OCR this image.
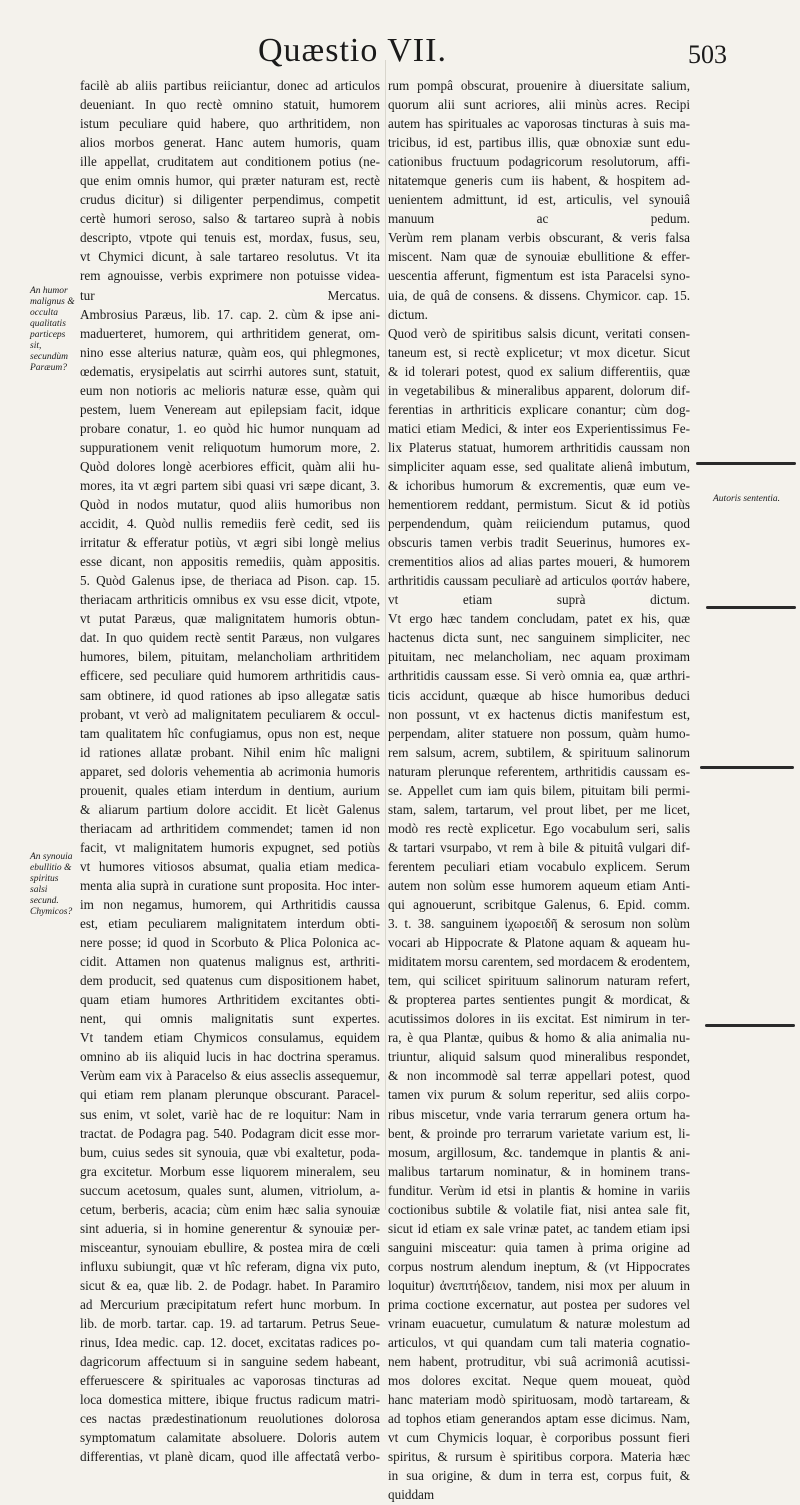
Quæstio VII.	503

facilè ab aliis partibus reiiciantur, donec ad articulos

deueniant. In quo rectè omnino statuit, humorem

istum peculiare quid habere, quo arthritidem, non

alios morbos generat. Hanc autem humoris, quam

ille appellat, cruditatem aut conditionem potius (ne-

que enim omnis humor, qui præter naturam est, rectè

crudus dicitur) si diligenter perpendimus, competit

certè humori seroso, salso & tartareo suprà à nobis

descripto, vtpote qui tenuis est, mordax, fusus, seu,

vt Chymici dicunt, à sale tartareo resolutus. Vt ita

rem agnouisse, verbis exprimere non potuisse videa-

tur Mercatus.

Ambrosius Paræus, lib. 17. cap. 2. cùm & ipse ani-

maduerteret, humorem, qui arthritidem generat, om-

nino esse alterius naturæ, quàm eos, qui phlegmones,

œdematis, erysipelatis aut scirrhi autores sunt, statuit,

eum non notioris ac melioris naturæ esse, quàm qui

pestem, luem Veneream aut epilepsiam facit, idque

probare conatur, 1. eo quòd hic humor nunquam ad

suppurationem venit reliquotum humorum more, 2.

Quòd dolores longè acerbiores efficit, quàm alii hu-

mores, ita vt ægri partem sibi quasi vri sæpe dicant, 3.

Quòd in nodos mutatur, quod aliis humoribus non

accidit, 4. Quòd nullis remediis ferè cedit, sed iis

irritatur & efferatur potiùs, vt ægri sibi longè melius

esse dicant, non appositis remediis, quàm appositis.

5. Quòd Galenus ipse, de theriaca ad Pison. cap. 15.

theriacam arthriticis omnibus ex vsu esse dicit, vtpote,

vt putat Paræus, quæ malignitatem humoris obtun-

dat. In quo quidem rectè sentit Paræus, non vulgares

humores, bilem, pituitam, melancholiam arthritidem

efficere, sed peculiare quid humorem arthritidis caus-

sam obtinere, id quod rationes ab ipso allegatæ satis

probant, vt verò ad malignitatem peculiarem & occul-

tam qualitatem hîc confugiamus, opus non est, neque

id rationes allatæ probant. Nihil enim hîc maligni

apparet, sed doloris vehementia ab acrimonia humoris

prouenit, quales etiam interdum in dentium, aurium

& aliarum partium dolore accidit. Et licèt Galenus

theriacam ad arthritidem commendet; tamen id non

facit, vt malignitatem humoris expugnet, sed potiùs

vt humores vitiosos absumat, qualia etiam medica-

menta alia suprà in curatione sunt proposita. Hoc inter-

im non negamus, humorem, qui Arthritidis caussa

est, etiam peculiarem malignitatem interdum obti-

nere posse; id quod in Scorbuto & Plica Polonica ac-

cidit. Attamen non quatenus malignus est, arthriti-

dem producit, sed quatenus cum dispositionem habet,

quam etiam humores Arthritidem excitantes obti-

nent, qui omnis malignitatis sunt expertes.

Vt tandem etiam Chymicos consulamus, equidem

omnino ab iis aliquid lucis in hac doctrina speramus.

Verùm eam vix à Paracelso & eius asseclis assequemur,

qui etiam rem planam plerunque obscurant. Paracel-

sus enim, vt solet, variè hac de re loquitur: Nam in

tractat. de Podagra pag. 540. Podagram dicit esse mor-

bum, cuius sedes sit synouia, quæ vbi exaltetur, poda-

gra excitetur. Morbum esse liquorem mineralem, seu

succum acetosum, quales sunt, alumen, vitriolum, a-

cetum, berberis, acacia; cùm enim hæc salia synouiæ

sint adueria, si in homine generentur & synouiæ per-

misceantur, synouiam ebullire, & postea mira de cœli

influxu subiungit, quæ vt hîc referam, digna vix puto,

sicut & ea, quæ lib. 2. de Podagr. habet. In Paramiro

ad Mercurium præcipitatum refert hunc morbum. In

lib. de morb. tartar. cap. 19. ad tartarum. Petrus Seue-

rinus, Idea medic. cap. 12. docet, excitatas radices po-

dagricorum affectuum si in sanguine sedem habeant,

efferuescere & spirituales ac vaporosas tincturas ad

loca domestica mittere, ibique fructus radicum matri-

ces nactas prædestinationum reuolutiones dolorosa

symptomatum calamitate absoluere. Doloris autem

differentias, vt planè dicam, quod ille affectatâ verbo-

rum pompâ obscurat, prouenire à diuersitate salium,

quorum alii sunt acriores, alii minùs acres. Recipi

autem has spirituales ac vaporosas tincturas à suis ma-

tricibus, id est, partibus illis, quæ obnoxiæ sunt edu-

cationibus fructuum podagricorum resolutorum, affi-

nitatemque generis cum iis habent, & hospitem ad-

uenientem admittunt, id est, articulis, vel synouiâ

manuum ac pedum.

Verùm rem planam verbis obscurant, & veris falsa

miscent. Nam quæ de synouiæ ebullitione & effer-

uescentia afferunt, figmentum est ista Paracelsi syno-

uia, de quâ de consens. & dissens. Chymicor. cap. 15. dictum.

Quod verò de spiritibus salsis dicunt, veritati consen-

taneum est, si rectè explicetur; vt mox dicetur. Sicut

& id tolerari potest, quod ex salium differentiis, quæ

in vegetabilibus & mineralibus apparent, dolorum dif-

ferentias in arthriticis explicare conantur; cùm dog-

matici etiam Medici, & inter eos Experientissimus Fe-

lix Platerus statuat, humorem arthritidis caussam non

simpliciter aquam esse, sed qualitate alienâ imbutum,

& ichoribus humorum & excrementis, quæ eum ve-

hementiorem reddant, permistum. Sicut & id potiùs

perpendendum, quàm reiiciendum putamus, quod

obscuris tamen verbis tradit Seuerinus, humores ex-

crementitios alios ad alias partes moueri, & humorem

arthritidis caussam peculiarè ad articulos φοιτάν habere,

vt etiam suprà dictum.

Vt ergo hæc tandem concludam, patet ex his, quæ

hactenus dicta sunt, nec sanguinem simpliciter, nec

pituitam, nec melancholiam, nec aquam proximam

arthritidis caussam esse. Si verò omnia ea, quæ arthri-

ticis accidunt, quæque ab hisce humoribus deduci

non possunt, vt ex hactenus dictis manifestum est,

perpendam, aliter statuere non possum, quàm humo-

rem salsum, acrem, subtilem, & spirituum salinorum

naturam plerunque referentem, arthritidis caussam es-

se. Appellet cum iam quis bilem, pituitam bili permi-

stam, salem, tartarum, vel prout libet, per me licet,

modò res rectè explicetur. Ego vocabulum seri, salis

& tartari vsurpabo, vt rem à bile & pituitâ vulgari dif-

ferentem peculiari etiam vocabulo explicem. Serum

autem non solùm esse humorem aqueum etiam Anti-

qui agnouerunt, scribitque Galenus, 6. Epid. comm.

3. t. 38. sanguinem ἰχωροειδῆ & serosum non solùm

vocari ab Hippocrate & Platone aquam & aqueam hu-

miditatem morsu carentem, sed mordacem & erodentem,

tem, qui scilicet spirituum salinorum naturam refert,

& propterea partes sentientes pungit & mordicat, &

acutissimos dolores in iis excitat. Est nimirum in ter-

ra, è qua Plantæ, quibus & homo & alia animalia nu-

triuntur, aliquid salsum quod mineralibus respondet,

& non incommodè sal terræ appellari potest, quod

tamen vix purum & solum reperitur, sed aliis corpo-

ribus miscetur, vnde varia terrarum genera ortum ha-

bent, & proinde pro terrarum varietate varium est, li-

mosum, argillosum, &c. tandemque in plantis & ani-

malibus tartarum nominatur, & in hominem trans-

funditur. Verùm id etsi in plantis & homine in variis

coctionibus subtile & volatile fiat, nisi antea sale fit,

sicut id etiam ex sale vrinæ patet, ac tandem etiam ipsi

sanguini misceatur: quia tamen à prima origine ad

corpus nostrum alendum ineptum, & (vt Hippocrates

loquitur) ἀνεπιτήδειον, tandem, nisi mox per aluum in

prima coctione excernatur, aut postea per sudores vel

vrinam euacuetur, cumulatum & naturæ molestum ad

articulos, vt qui quandam cum tali materia cognatio-

nem habent, protruditur, vbi suâ acrimoniâ acutissi-

mos dolores excitat. Neque quem moueat, quòd

hanc materiam modò spirituosam, modò tartaream, &

ad tophos etiam generandos aptam esse dicimus. Nam,

vt cum Chymicis loquar, è corporibus possunt fieri

spiritus, & rursum è spiritibus corpora. Materia hæc

in sua origine, & dum in terra est, corpus fuit, &

quiddam

An humor malignus & occulta qualitatis particeps sit, secundùm Paræum?
An synouia ebullitio & spiritus salsi secund. Chymicos?
Autoris sententia.
